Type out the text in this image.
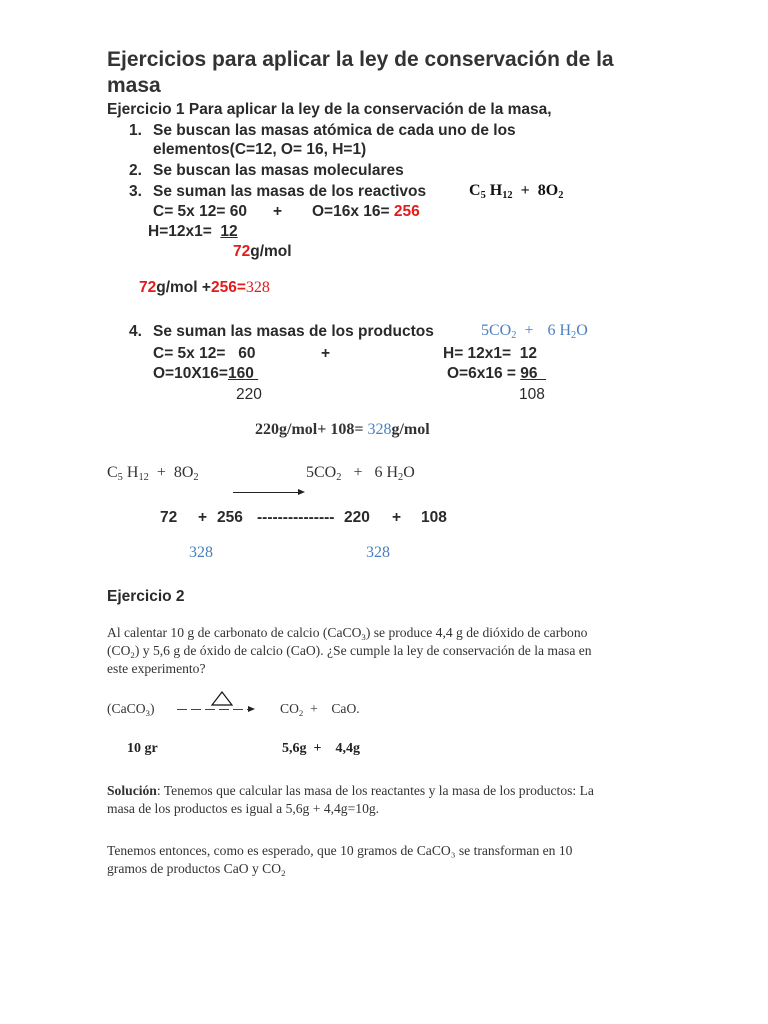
Ejercicios para aplicar la ley de conservación de la
masa
Ejercicio 1 Para aplicar la ley de la conservación de la masa,
1. Se buscan las masas atómica de cada uno de los
elementos(C=12, O= 16, H=1)
2. Se buscan las masas moleculares
3. Se suman las masas de los reactivos	$C_5$ $H_{12} + 8O_2$
C= 5x 12= 60 + O=16x 16= 256
H=12x1=  12
72g/mol
72g/mol +256=328
4. Se suman las masas de los productos	$5CO_2 + 6$ $H_2O$
C= 5x 12=   60	+	H= 12x1=  12
O=10X16=160	O=6x16 = 96
220	108
220g/mol+ 108= 328g/mol
$C_5$ $H_{12} + 8O_2$	$5CO_2 + 6$ $H_2O$
72 + 256 --------------- 220 + 108
328	328
Ejercicio 2
Al calentar 10 g de carbonato de calcio (CaCO$_3$) se produce 4,4 g de dióxido de carbono
$(CO_2)$ y 5,6 g de óxido de calcio (CaO). ¿Se cumple la ley de conservación de la masa en
este experimento?
(CaCO$_3$)	$CO_2$  +    CaO.
10 gr	5,6g  +    4,4g
Solución: Tenemos que calcular las masa de los reactantes y la masa de los productos: La
masa de los productos es igual a 5,6g + 4,4g=10g.
Tenemos entonces, como es esperado, que 10 gramos de CaCO₃ se transforman en 10
gramos de productos CaO y $CO_2$
